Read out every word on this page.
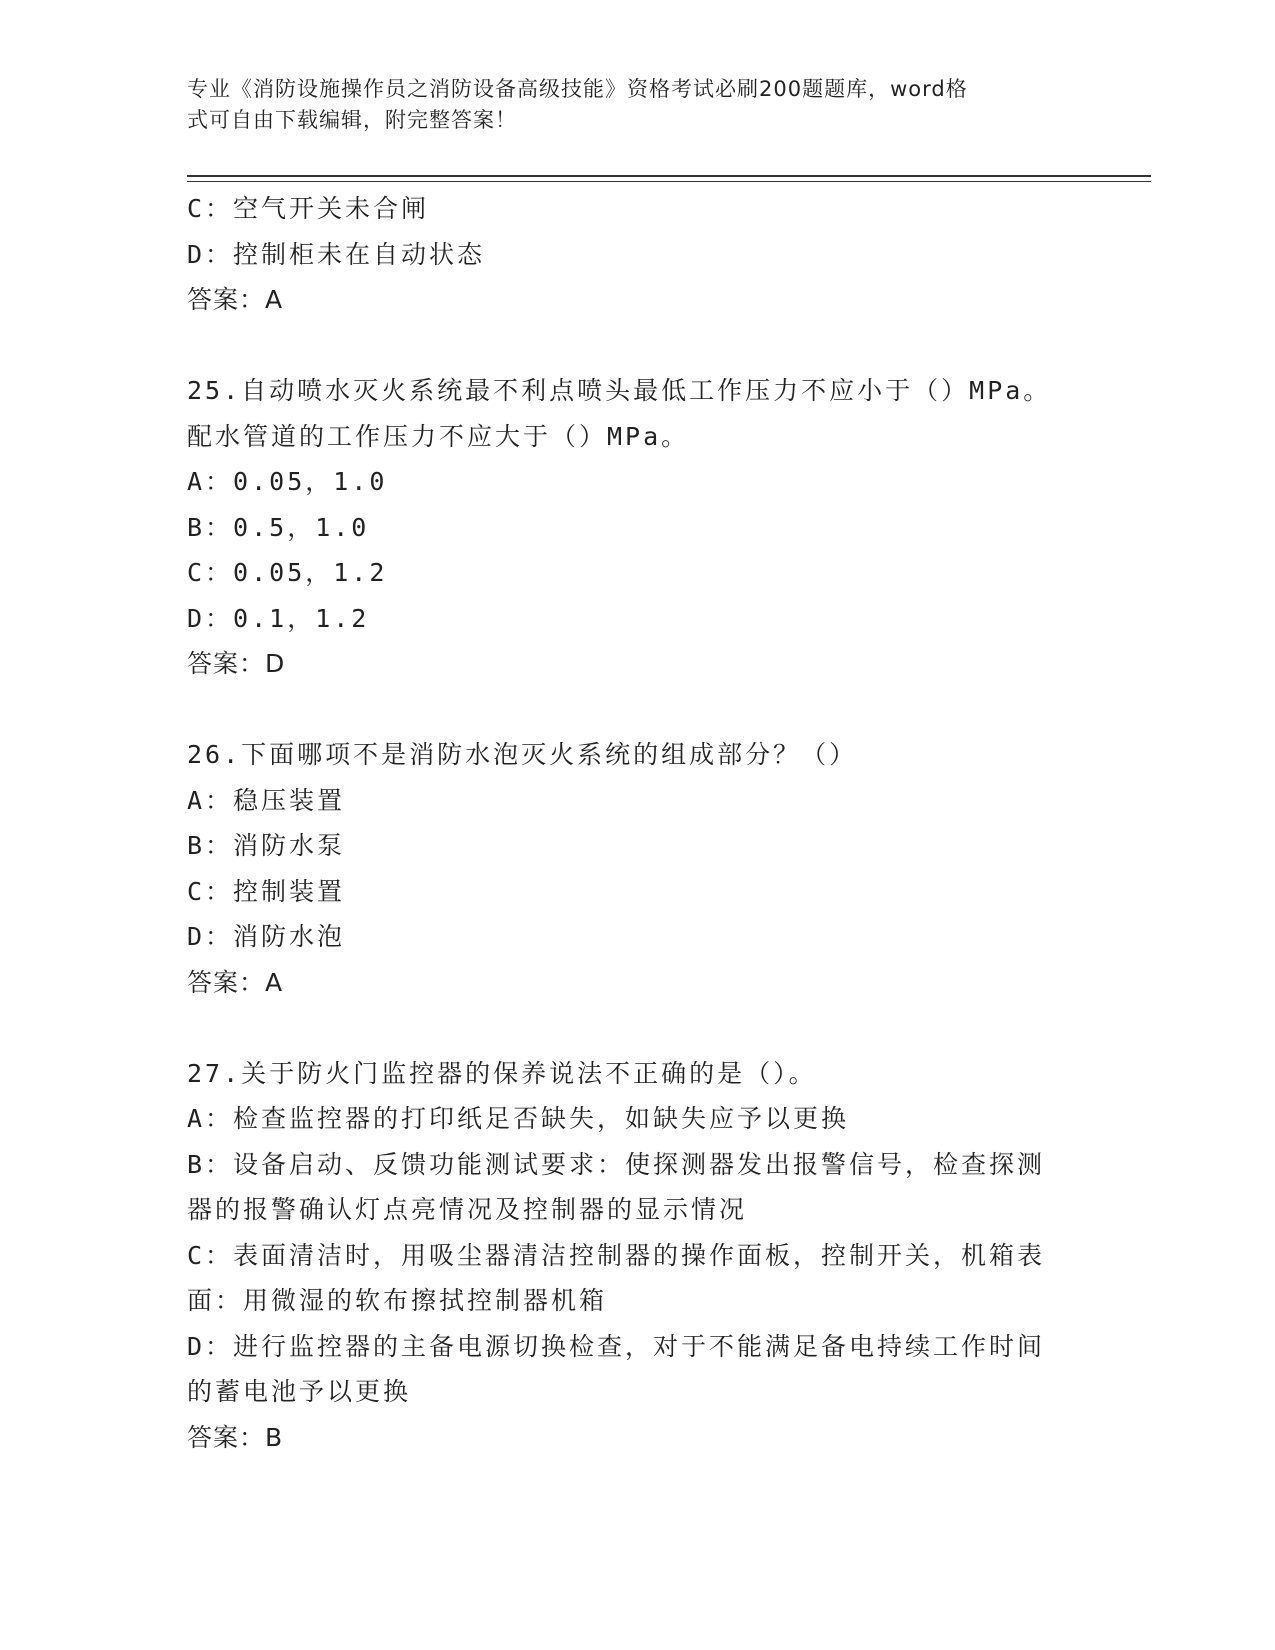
专业《消防设施操作员之消防设备高级技能》资格考试必刷200题题库，word格
式可自由下载编辑，附完整答案！

C：空气开关未合闸

D：控制柜未在自动状态

答案：A

25.自动喷水灭火系统最不利点喷头最低工作压力不应小于（）MPa。

配水管道的工作压力不应大于（）MPa。

A：0.05，1.0

B：0.5，1.0

C：0.05，1.2

D：0.1，1.2

答案：D

26.下面哪项不是消防水泡灭火系统的组成部分？（）

A：稳压装置

B：消防水泵

C：控制装置

D：消防水泡

答案：A

27.关于防火门监控器的保养说法不正确的是（）。

A：检查监控器的打印纸足否缺失，如缺失应予以更换

B：设备启动、反馈功能测试要求：使探测器发出报警信号，检查探测

器的报警确认灯点亮情况及控制器的显示情况

C：表面清洁时，用吸尘器清洁控制器的操作面板，控制开关，机箱表

面：用微湿的软布擦拭控制器机箱

D：进行监控器的主备电源切换检查，对于不能满足备电持续工作时间

的蓄电池予以更换

答案：B
